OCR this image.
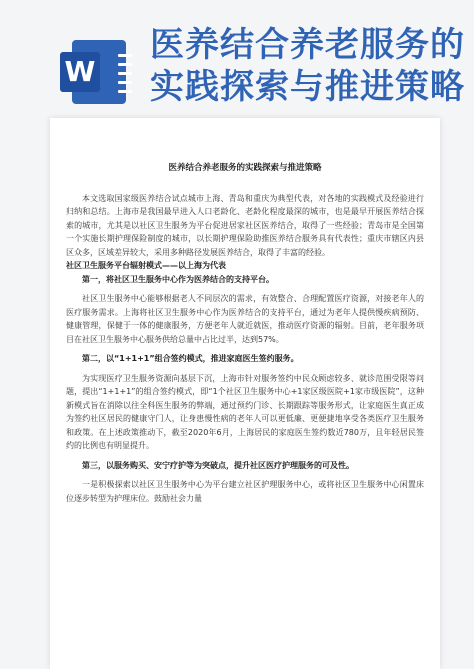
W
医养结合养老服务的实践探索与推进策略
医养结合养老服务的实践探索与推进策略

本文选取国家级医养结合试点城市上海、青岛和重庆为典型代表，对各地的实践模式及经验进行归纳和总结。上海市是我国最早进入人口老龄化、老龄化程度最深的城市，也是最早开展医养结合探索的城市，尤其是以社区卫生服务为平台促进居家社区医养结合，取得了一些经验；青岛市是全国第一个实施长期护理保险制度的城市，以长期护理保险助推医养结合服务具有代表性；重庆市辖区内县区众多，区域差异较大，采用多种路径发展医养结合，取得了丰富的经验。

社区卫生服务平台辐射模式——以上海为代表

第一，将社区卫生服务中心作为医养结合的支持平台。

社区卫生服务中心能够根据老人不同层次的需求，有效整合、合理配置医疗资源，对接老年人的医疗服务需求。上海将社区卫生服务中心作为医养结合的支持平台，通过为老年人提供慢疾病预防、健康管理，保健于一体的健康服务，方便老年人就近就医，推动医疗资源的辐射。目前，老年服务项目在社区卫生服务中心服务供给总量中占比过半，达到57%。

第二，以“1+1+1”组合签约模式，推进家庭医生签约服务。

为实现医疗卫生服务资源向基层下沉，上海市针对服务签约中民众顾虑较多、就诊范围受限等问题，提出“1+1+1”的组合签约模式，即“1个社区卫生服务中心+1家区级医院+1家市级医院”，这种新模式旨在消除以往全科医生服务的弊端，通过预约门诊、长期跟踪等服务形式，让家庭医生真正成为签约社区居民的健康守门人，让身患慢性病的老年人可以更低廉、更便捷地享受各类医疗卫生服务和政策。在上述政策推动下，截至2020年6月，上海居民的家庭医生签约数近780万，且年轻居民签约的比例也有明显提升。

第三，以服务购买、安宁疗护等为突破点，提升社区医疗护理服务的可及性。

一是积极探索以社区卫生服务中心为平台建立社区护理服务中心，或将社区卫生服务中心闲置床位逐步转型为护理床位。鼓励社会力量
